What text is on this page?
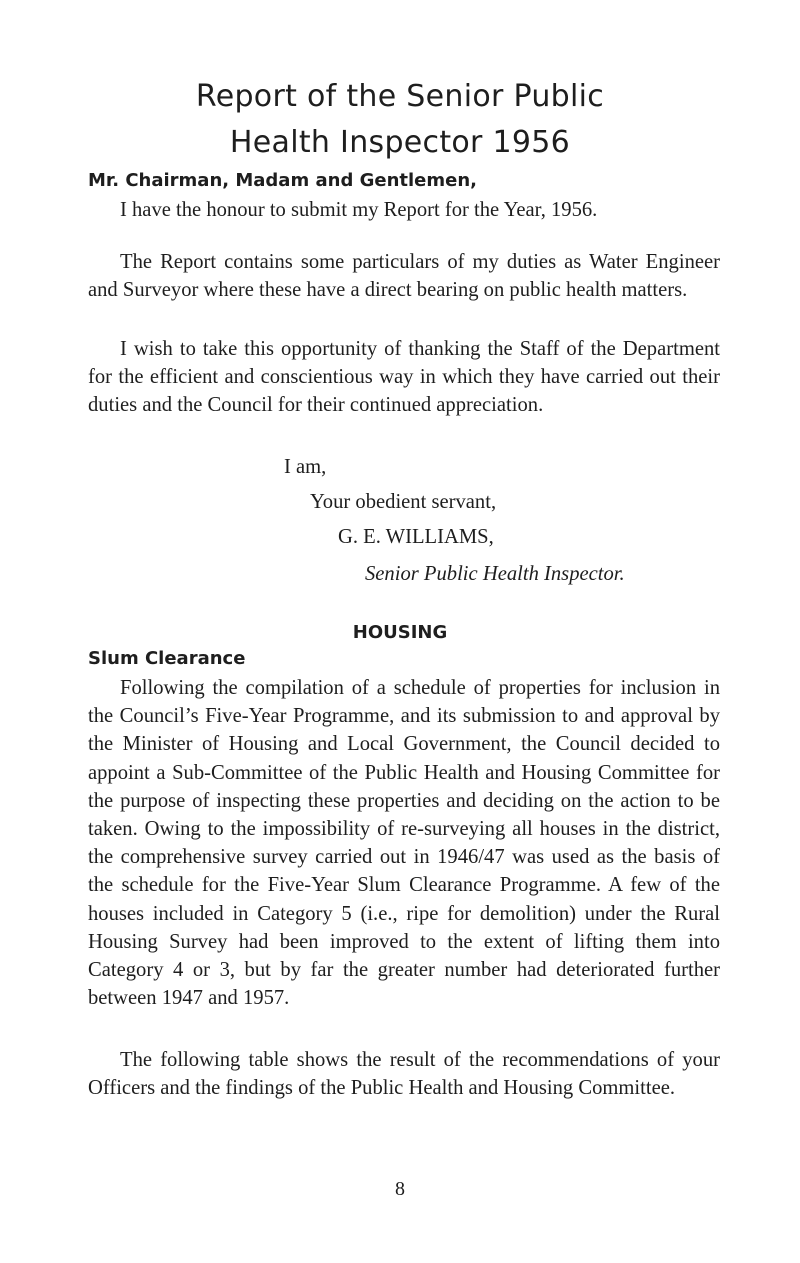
Report of the Senior Public
Health Inspector 1956
Mr. Chairman, Madam and Gentlemen,

I have the honour to submit my Report for the Year, 1956.

The Report contains some particulars of my duties as Water Engineer and Surveyor where these have a direct bearing on public health matters.

I wish to take this opportunity of thanking the Staff of the Department for the efficient and conscientious way in which they have carried out their duties and the Council for their continued appreciation.

I am,
Your obedient servant,
G. E. WILLIAMS,
Senior Public Health Inspector.
HOUSING
Slum Clearance

Following the compilation of a schedule of properties for inclusion in the Council’s Five-Year Programme, and its submission to and approval by the Minister of Housing and Local Government, the Council decided to appoint a Sub-Committee of the Public Health and Housing Committee for the purpose of inspecting these properties and deciding on the action to be taken. Owing to the impossibility of re-surveying all houses in the district, the comprehensive survey carried out in 1946/47 was used as the basis of the schedule for the Five-Year Slum Clearance Programme. A few of the houses included in Category 5 (i.e., ripe for demolition) under the Rural Housing Survey had been improved to the extent of lifting them into Category 4 or 3, but by far the greater number had deteriorated further between 1947 and 1957.

The following table shows the result of the recommendations of your Officers and the findings of the Public Health and Housing Committee.

8
